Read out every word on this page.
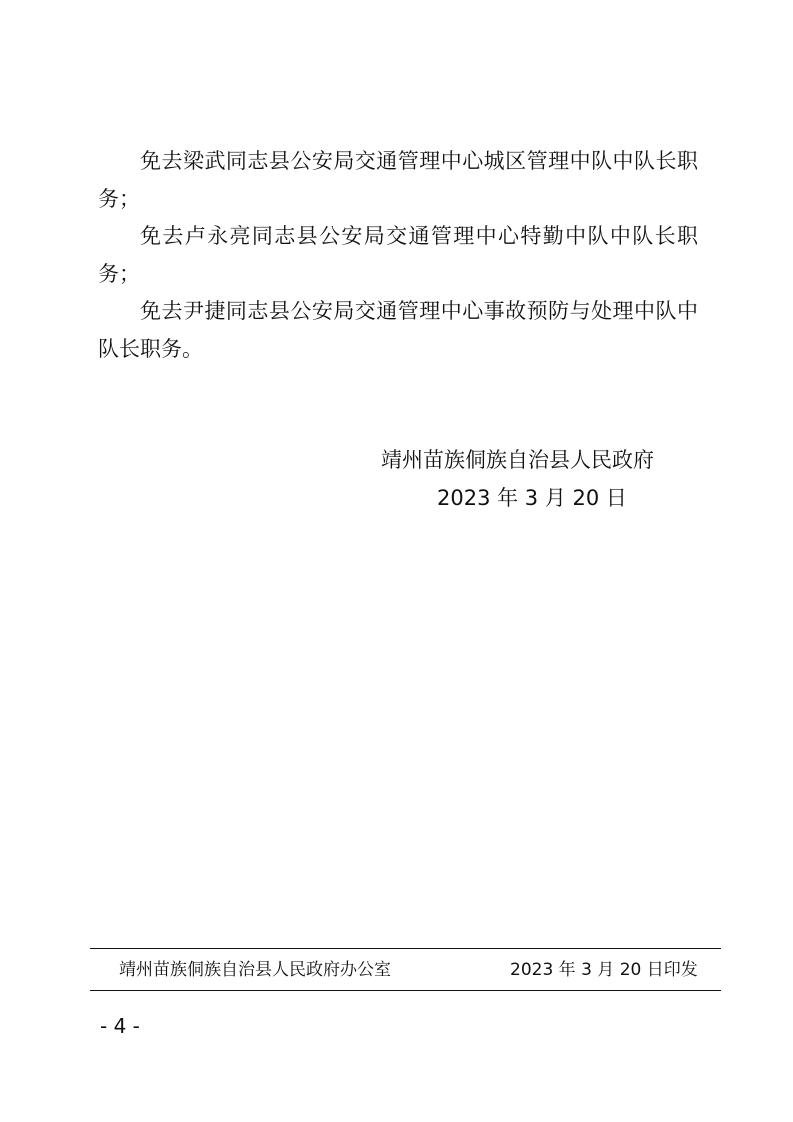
免去梁武同志县公安局交通管理中心城区管理中队中队长职务；

免去卢永亮同志县公安局交通管理中心特勤中队中队长职务；

免去尹捷同志县公安局交通管理中心事故预防与处理中队中队长职务。

靖州苗族侗族自治县人民政府
2023 年 3 月 20 日
靖州苗族侗族自治县人民政府办公室	2023 年 3 月 20 日印发
- 4 -
